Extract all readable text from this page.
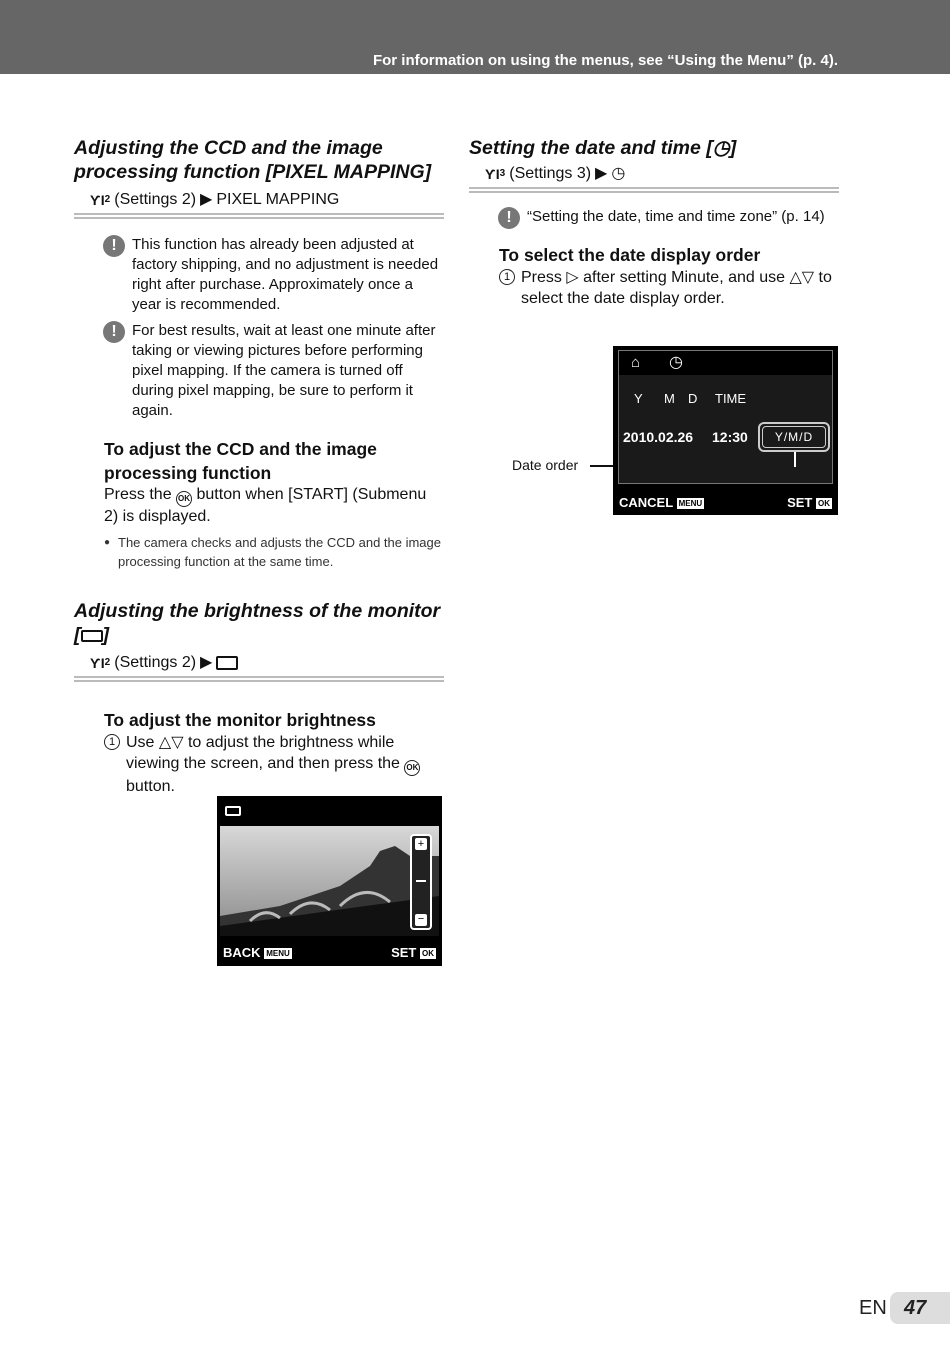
For information on using the menus, see “Using the Menu” (p. 4).
Adjusting the CCD and the image
processing function [PIXEL MAPPING]
ƳI 2 (Settings 2) ▶ PIXEL MAPPING
!	This function has already been adjusted at factory shipping, and no adjustment is needed right after purchase. Approximately once a year is recommended.
!	For best results, wait at least one minute after taking or viewing pictures before performing pixel mapping. If the camera is turned off during pixel mapping, be sure to perform it again.
To adjust the CCD and the image processing function
Press the OK button when [START] (Submenu 2) is displayed.
● The camera checks and adjusts the CCD and the image processing function at the same time.
Adjusting the brightness of the monitor [ ]
ƳI 2 (Settings 2) ▶
To adjust the monitor brightness
1 Use △▽ to adjust the brightness while viewing the screen, and then press the OK button.
+
−
BACK MENU	SET OK
Setting the date and time [◷]
ƳI 3 (Settings 3) ▶ ◷
!	“Setting the date, time and time zone” (p. 14)
To select the date display order
1 Press ▷ after setting Minute, and use △▽ to select the date display order.
Date order
⌂ ◷
Y M D TIME
2010.02.26 12:30	Y/M/D
CANCEL MENU	SET OK
EN 47
